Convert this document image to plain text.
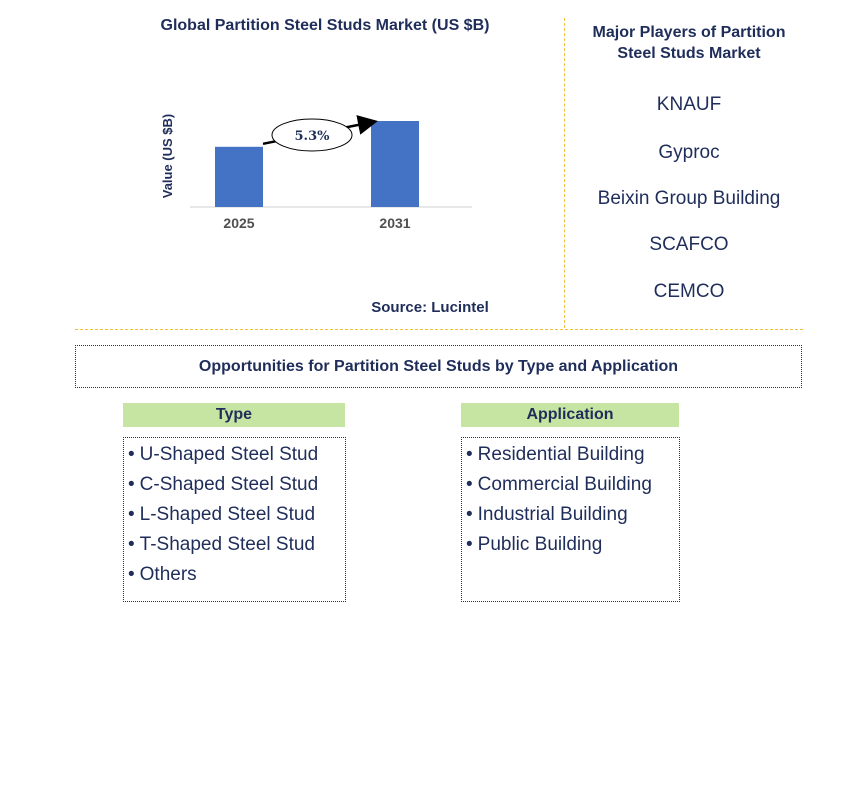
Global Partition Steel Studs Market (US $B)
Value (US $B)
2025	2031
5.3%
Source: Lucintel
Major Players of Partition Steel Studs Market
KNAUF
Gyproc
Beixin Group Building
SCAFCO
CEMCO
Opportunities for Partition Steel Studs by Type and Application
Type
• U-Shaped Steel Stud
• C-Shaped Steel Stud
• L-Shaped Steel Stud
• T-Shaped Steel Stud
• Others
Application
• Residential Building
• Commercial Building
• Industrial Building
• Public Building
